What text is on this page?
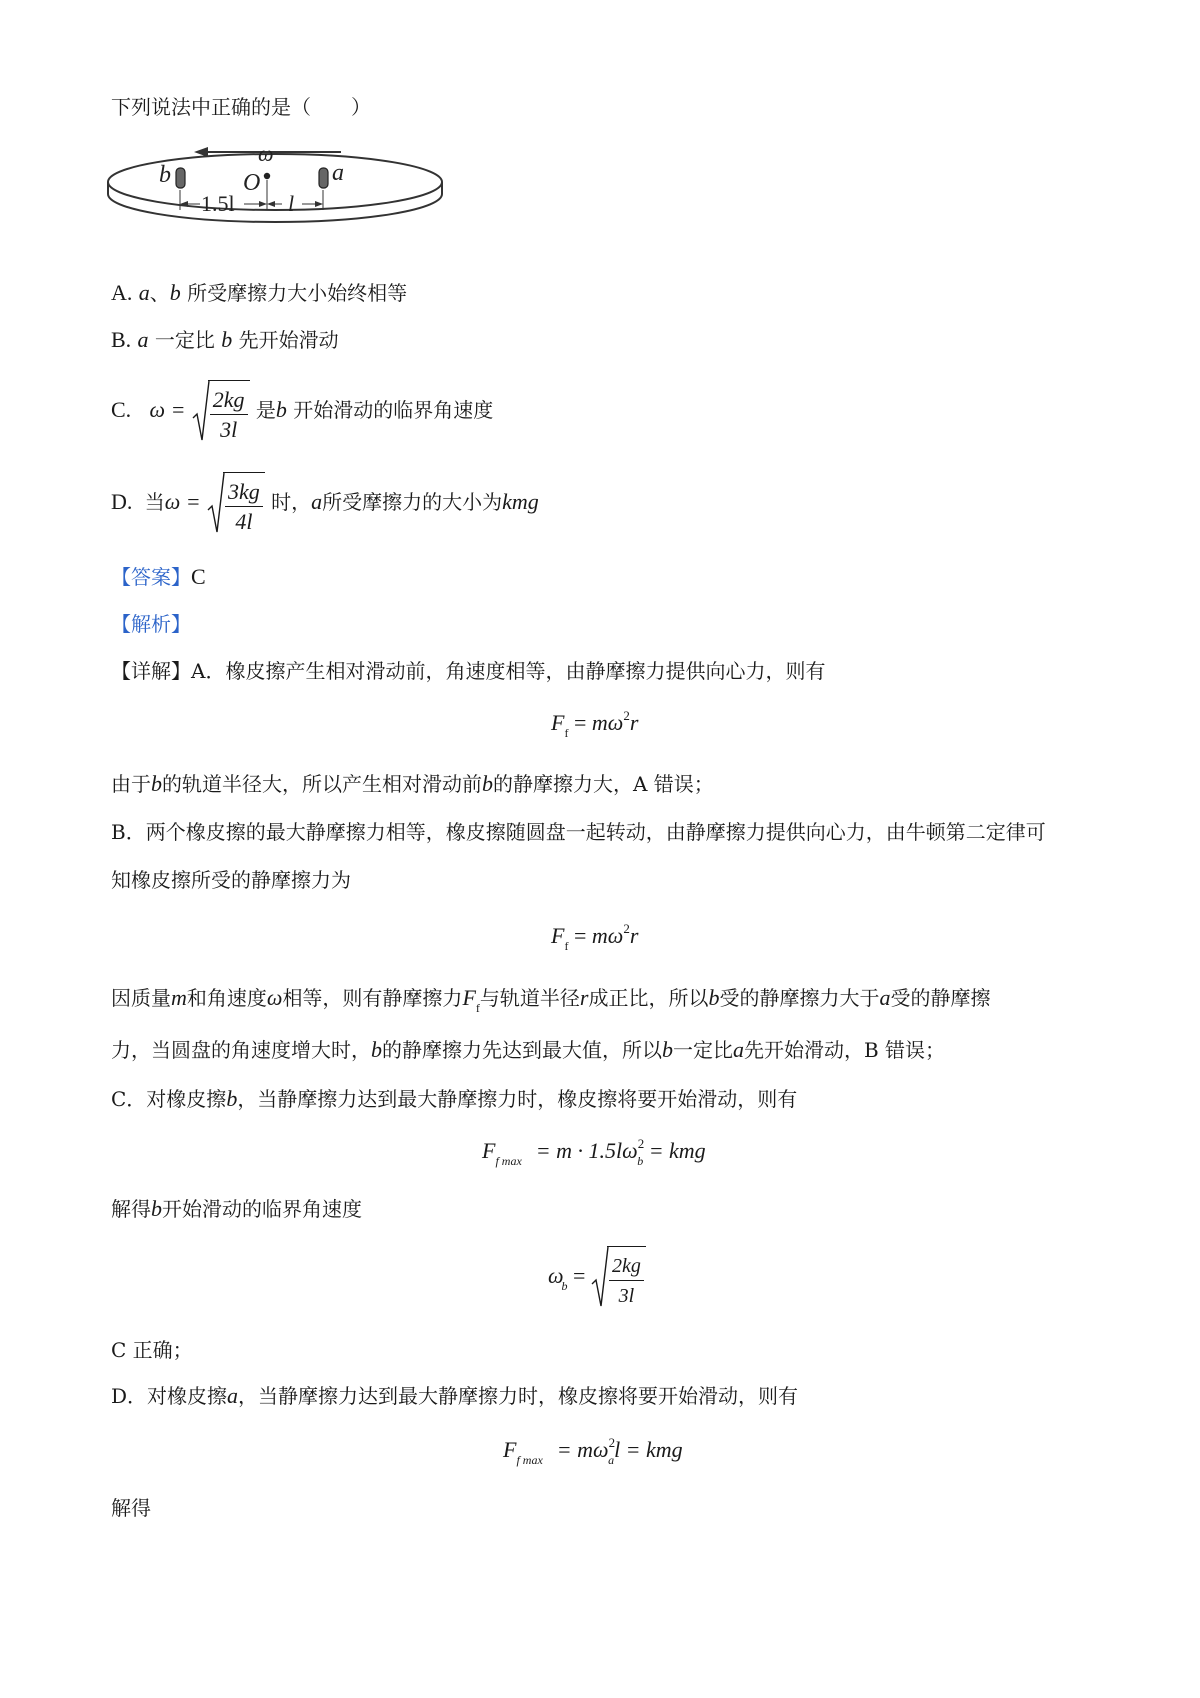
下列说法中正确的是（　　）
ω
b	a
O
1.5l l
A. a、b 所受摩擦力大小始终相等
B. a 一定比 b 先开始滑动
C. $\omega = \frac{2kg}{3l}$ 是b 开始滑动的临界角速度
D. 当$\omega = \frac{3kg}{4l}$ 时，a所受摩擦力的大小为kmg
【答案】C
【解析】
【详解】A．橡皮擦产生相对滑动前，角速度相等，由静摩擦力提供向心力，则有
$F_f = m\omega^2r$
由于b的轨道半径大，所以产生相对滑动前b的静摩擦力大，A 错误；
B．两个橡皮擦的最大静摩擦力相等，橡皮擦随圆盘一起转动，由静摩擦力提供向心力，由牛顿第二定律可
知橡皮擦所受的静摩擦力为
$F_f = m\omega^2r$
因质量m和角速度ω相等，则有静摩擦力$F_f$与轨道半径r成正比，所以b受的静摩擦力大于a受的静摩擦
力，当圆盘的角速度增大时，b的静摩擦力先达到最大值，所以b一定比a先开始滑动，B 错误；
C．对橡皮擦b，当静摩擦力达到最大静摩擦力时，橡皮擦将要开始滑动，则有
$F_{f max} = m \cdot 1.5l\omega^2_b$ = kmg
解得b开始滑动的临界角速度
$\omega_b = \frac{2kg}{3l}$
C 正确；
D．对橡皮擦a，当静摩擦力达到最大静摩擦力时，橡皮擦将要开始滑动，则有
$F_{f max} = m\omega^2_al$ = kmg
解得
